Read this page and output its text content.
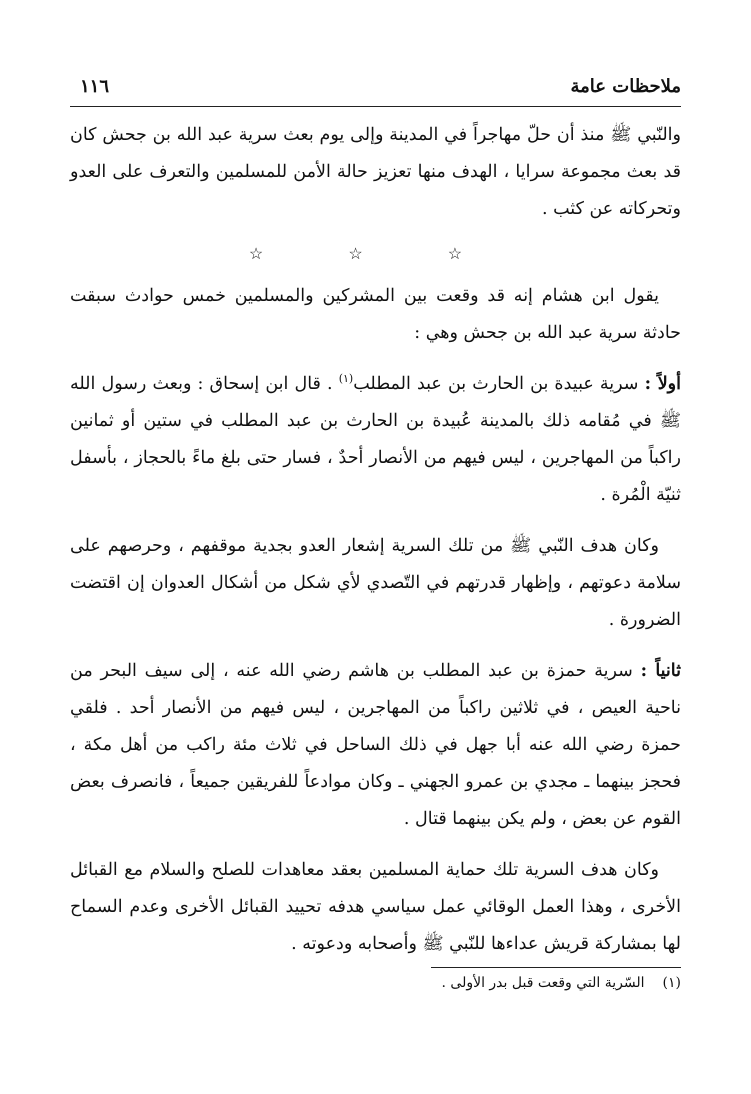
ملاحظات عامة
١١٦

والنّبي ﷺ منذ أن حلّ مهاجراً في المدينة وإلى يوم بعث سرية عبد الله بن جحش كان قد بعث مجموعة سرايا ، الهدف منها تعزيز حالة الأمن للمسلمين والتعرف على العدو وتحركاته عن كثب .

☆ ☆ ☆

يقول ابن هشام إنه قد وقعت بين المشركين والمسلمين خمس حوادث سبقت حادثة سرية عبد الله بن جحش وهي :

أولاً : سرية عبيدة بن الحارث بن عبد المطلب$^{(١)}$ . قال ابن إسحاق : وبعث رسول الله ﷺ في مُقامه ذلك بالمدينة عُبيدة بن الحارث بن عبد المطلب في ستين أو ثمانين راكباً من المهاجرين ، ليس فيهم من الأنصار أحدٌ ، فسار حتى بلغ ماءً بالحجاز ، بأسفل ثنيّة الْمُرة .

وكان هدف النّبي ﷺ من تلك السرية إشعار العدو بجدية موقفهم ، وحرصهم على سلامة دعوتهم ، وإظهار قدرتهم في التّصدي لأي شكل من أشكال العدوان إن اقتضت الضرورة .

ثانياً : سرية حمزة بن عبد المطلب بن هاشم رضي الله عنه ، إلى سيف البحر من ناحية العيص ، في ثلاثين راكباً من المهاجرين ، ليس فيهم من الأنصار أحد . فلقي حمزة رضي الله عنه أبا جهل في ذلك الساحل في ثلاث مئة راكب من أهل مكة ، فحجز بينهما ـ مجدي بن عمرو الجهني ـ وكان موادعاً للفريقين جميعاً ، فانصرف بعض القوم عن بعض ، ولم يكن بينهما قتال .

وكان هدف السرية تلك حماية المسلمين بعقد معاهدات للصلح والسلام مع القبائل الأخرى ، وهذا العمل الوقائي عمل سياسي هدفه تحييد القبائل الأخرى وعدم السماح لها بمشاركة قريش عداءها للنّبي ﷺ وأصحابه ودعوته .

(١)السّرية التي وقعت قبل بدر الأولى .
